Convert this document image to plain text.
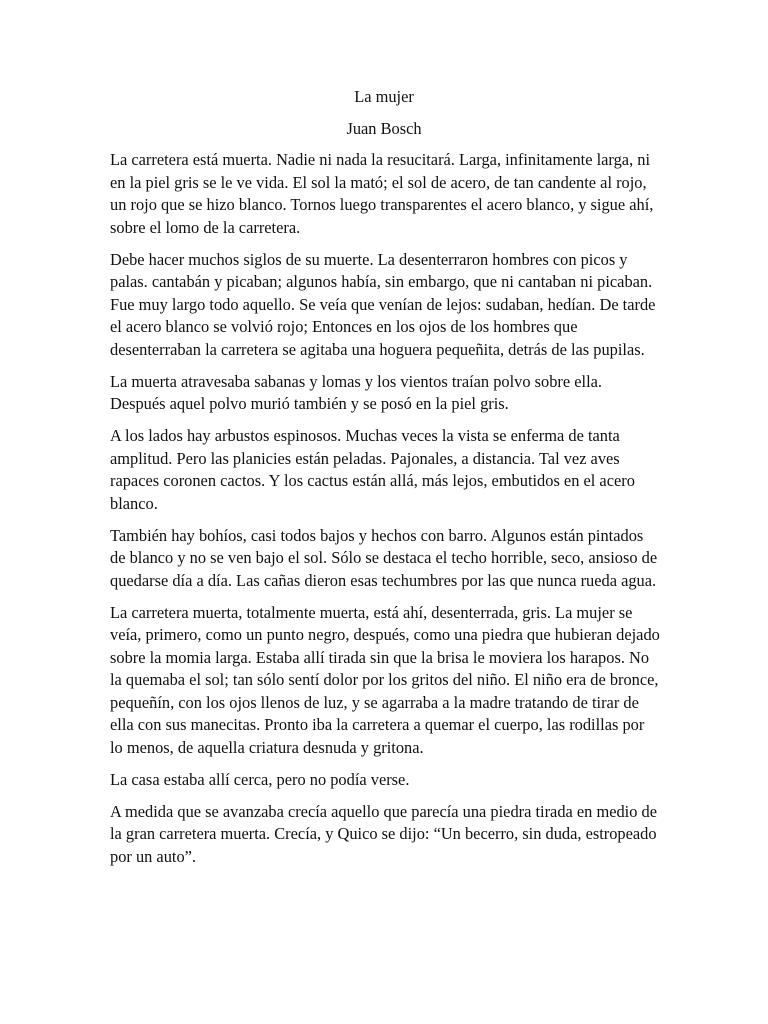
La mujer
Juan Bosch

La carretera está muerta. Nadie ni nada la resucitará. Larga, infinitamente larga, ni en la piel gris se le ve vida. El sol la mató; el sol de acero, de tan candente al rojo, un rojo que se hizo blanco. Tornos luego transparentes el acero blanco, y sigue ahí, sobre el lomo de la carretera.

Debe hacer muchos siglos de su muerte. La desenterraron hombres con picos y palas. cantabán y picaban; algunos había, sin embargo, que ni cantaban ni picaban. Fue muy largo todo aquello. Se veía que venían de lejos: sudaban, hedían. De tarde el acero blanco se volvió rojo; Entonces en los ojos de los hombres que desenterraban la carretera se agitaba una hoguera pequeñita, detrás de las pupilas.

La muerta atravesaba sabanas y lomas y los vientos traían polvo sobre ella. Después aquel polvo murió también y se posó en la piel gris.

A los lados hay arbustos espinosos. Muchas veces la vista se enferma de tanta amplitud. Pero las planicies están peladas. Pajonales, a distancia. Tal vez aves rapaces coronen cactos. Y los cactus están allá, más lejos, embutidos en el acero blanco.

También hay bohíos, casi todos bajos y hechos con barro. Algunos están pintados de blanco y no se ven bajo el sol. Sólo se destaca el techo horrible, seco, ansioso de quedarse día a día. Las cañas dieron esas techumbres por las que nunca rueda agua.

La carretera muerta, totalmente muerta, está ahí, desenterrada, gris. La mujer se veía, primero, como un punto negro, después, como una piedra que hubieran dejado sobre la momia larga. Estaba allí tirada sin que la brisa le moviera los harapos. No la quemaba el sol; tan sólo sentí dolor por los gritos del niño. El niño era de bronce, pequeñín, con los ojos llenos de luz, y se agarraba a la madre tratando de tirar de ella con sus manecitas. Pronto iba la carretera a quemar el cuerpo, las rodillas por lo menos, de aquella criatura desnuda y gritona.

La casa estaba allí cerca, pero no podía verse.

A medida que se avanzaba crecía aquello que parecía una piedra tirada en medio de la gran carretera muerta. Crecía, y Quico se dijo: “Un becerro, sin duda, estropeado por un auto”.
